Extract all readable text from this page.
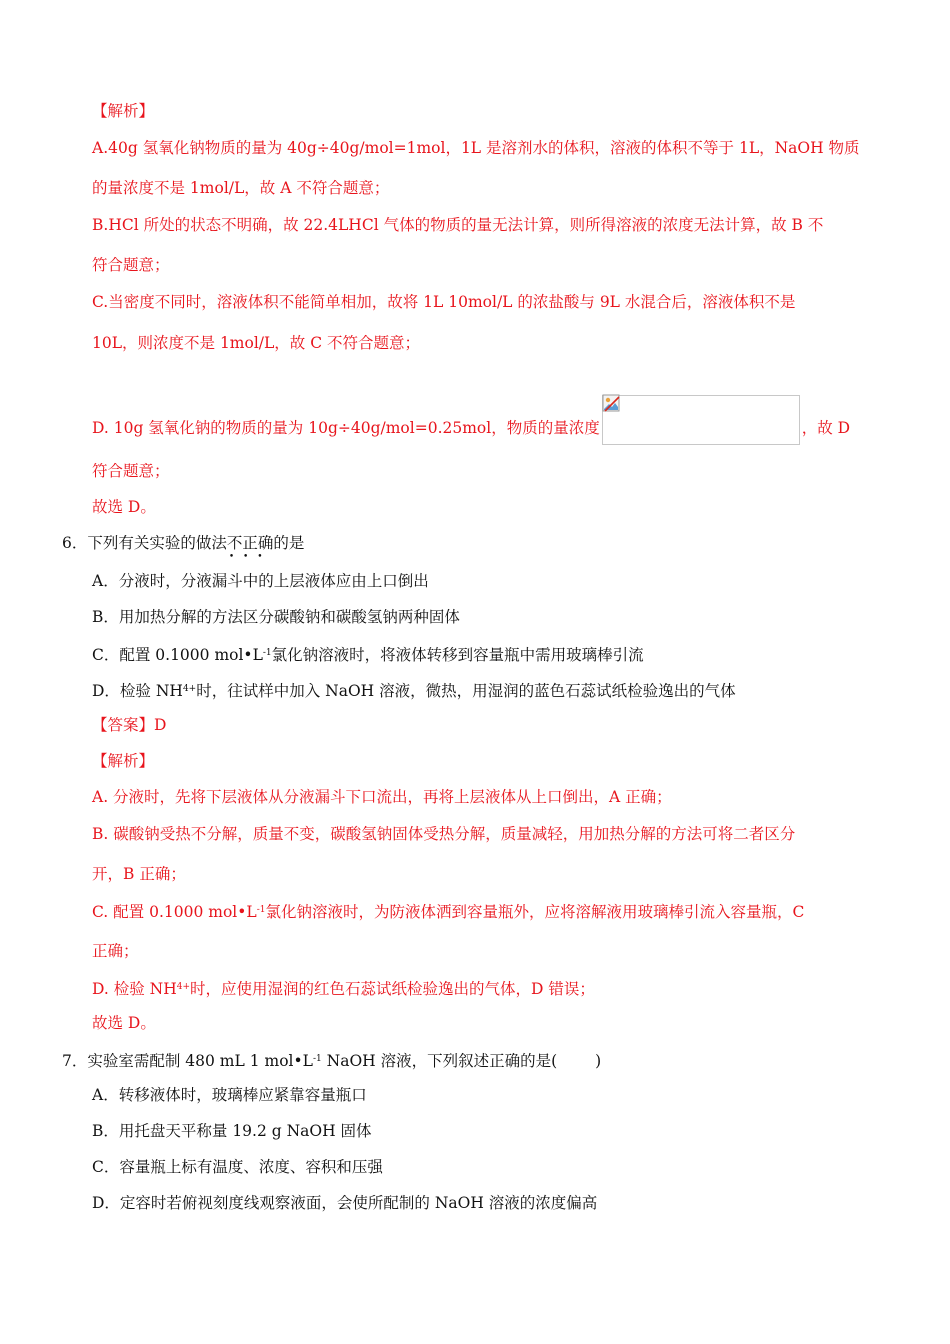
【解析】
A.40g 氢氧化钠物质的量为 40g÷40g/mol=1mol，1L 是溶剂水的体积，溶液的体积不等于 1L，NaOH 物质
的量浓度不是 1mol/L，故 A 不符合题意；
B.HCl 所处的状态不明确，故 22.4LHCl 气体的物质的量无法计算，则所得溶液的浓度无法计算，故 B 不
符合题意；
C.当密度不同时，溶液体积不能简单相加，故将 1L 10mol/L 的浓盐酸与 9L 水混合后，溶液体积不是
10L，则浓度不是 1mol/L，故 C 不符合题意；
D. 10g 氢氧化钠的物质的量为 10g÷40g/mol=0.25mol，物质的量浓度	，故 D
符合题意；
故选 D。
6．下列有关实验的做法不正确 • • •的是
A．分液时，分液漏斗中的上层液体应由上口倒出
B．用加热分解的方法区分碳酸钠和碳酸氢钠两种固体
C．配置 0.1000 $mol•L^{-1}$氯化钠溶液时，将液体转移到容量瓶中需用玻璃棒引流
D．检验 $NH^{4+}$时，往试样中加入 NaOH 溶液，微热，用湿润的蓝色石蕊试纸检验逸出的气体
【答案】D
【解析】
A. 分液时，先将下层液体从分液漏斗下口流出，再将上层液体从上口倒出，A 正确；
B. 碳酸钠受热不分解，质量不变，碳酸氢钠固体受热分解，质量减轻，用加热分解的方法可将二者区分
开，B 正确；
C. 配置 0.1000 $mol•L^{-1}$氯化钠溶液时，为防液体洒到容量瓶外，应将溶解液用玻璃棒引流入容量瓶，C
正确；
D. 检验 $NH^{4+}$时，应使用湿润的红色石蕊试纸检验逸出的气体，D 错误；
故选 D。
7．实验室需配制 480 mL 1 $mol•L^{-1}$ NaOH 溶液，下列叙述正确的是( )
A．转移液体时，玻璃棒应紧靠容量瓶口
B．用托盘天平称量 19.2 g NaOH 固体
C．容量瓶上标有温度、浓度、容积和压强
D．定容时若俯视刻度线观察液面，会使所配制的 NaOH 溶液的浓度偏高
